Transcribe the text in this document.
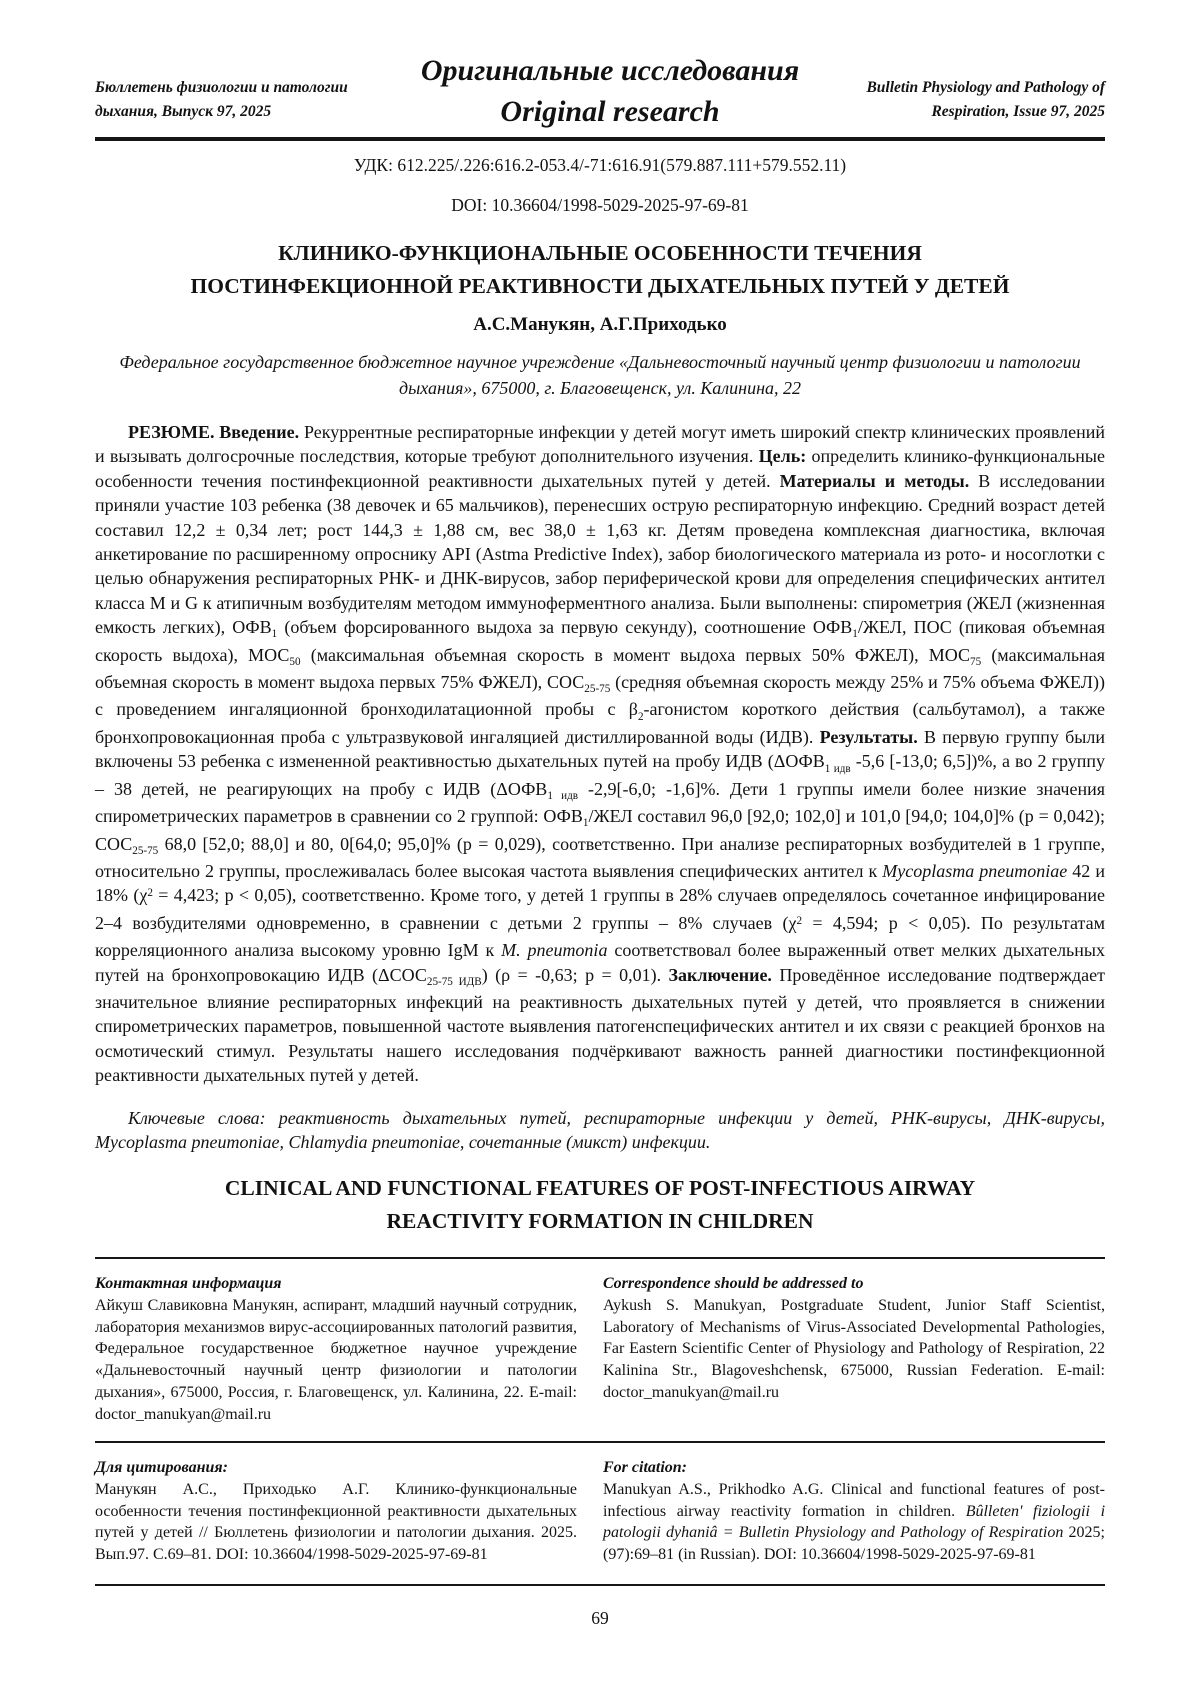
Бюллетень физиологии и патологии дыхания, Выпуск 97, 2025
Оригинальные исследования
Original research
Bulletin Physiology and Pathology of Respiration, Issue 97, 2025
УДК: 612.225/.226:616.2-053.4/-71:616.91(579.887.111+579.552.11)
DOI: 10.36604/1998-5029-2025-97-69-81
КЛИНИКО-ФУНКЦИОНАЛЬНЫЕ ОСОБЕННОСТИ ТЕЧЕНИЯ
ПОСТИНФЕКЦИОННОЙ РЕАКТИВНОСТИ ДЫХАТЕЛЬНЫХ ПУТЕЙ У ДЕТЕЙ
А.С.Манукян, А.Г.Приходько
Федеральное государственное бюджетное научное учреждение «Дальневосточный научный центр физиологии и патологии дыхания», 675000, г. Благовещенск, ул. Калинина, 22

РЕЗЮМЕ. Введение. Рекуррентные респираторные инфекции у детей могут иметь широкий спектр клинических проявлений и вызывать долгосрочные последствия, которые требуют дополнительного изучения. Цель: определить клинико-функциональные особенности течения постинфекционной реактивности дыхательных путей у детей. Материалы и методы. В исследовании приняли участие 103 ребенка (38 девочек и 65 мальчиков), перенесших острую респираторную инфекцию. Средний возраст детей составил 12,2 ± 0,34 лет; рост 144,3 ± 1,88 см, вес 38,0 ± 1,63 кг. Детям проведена комплексная диагностика, включая анкетирование по расширенному опроснику API (Astma Predictive Index), забор биологического материала из рото- и носоглотки с целью обнаружения респираторных РНК- и ДНК-вирусов, забор периферической крови для определения специфических антител класса M и G к атипичным возбудителям методом иммуноферментного анализа. Были выполнены: спирометрия (ЖЕЛ (жизненная емкость легких), $ОФВ_1$ (объем форсированного выдоха за первую секунду), соотношение $ОФВ_1$/ЖЕЛ, ПОС (пиковая объемная скорость выдоха), $МОС_{50}$ (максимальная объемная скорость в момент выдоха первых 50% ФЖЕЛ), $МОС_{75}$ (максимальная объемная скорость в момент выдоха первых 75% ФЖЕЛ), $СОС_{25-75}$ (средняя объемная скорость между 25% и 75% объема ФЖЕЛ)) с проведением ингаляционной бронходилатационной пробы с $\beta_2$-агонистом короткого действия (сальбутамол), а также бронхопровокационная проба с ультразвуковой ингаляцией дистиллированной воды (ИДВ). Результаты. В первую группу были включены 53 ребенка с измененной реактивностью дыхательных путей на пробу ИДВ ($\Delta ОФВ_{1 идв}$ -5,6 [-13,0; 6,5])%, а во 2 группу – 38 детей, не реагирующих на пробу с ИДВ ($\Delta ОФВ_{1 идв}$ -2,9[-6,0; -1,6]%. Дети 1 группы имели более низкие значения спирометрических параметров в сравнении со 2 группой: $ОФВ_1$/ЖЕЛ составил 96,0 [92,0; 102,0] и 101,0 [94,0; 104,0]% (р = 0,042); $СОС_{25-75}$ 68,0 [52,0; 88,0] и 80, 0[64,0; 95,0]% (р = 0,029), соответственно. При анализе респираторных возбудителей в 1 группе, относительно 2 группы, прослеживалась более высокая частота выявления специфических антител к Mycoplasma pneumoniae 42 и 18% ($\chi^2 = 4,423$; p < 0,05), соответственно. Кроме того, у детей 1 группы в 28% случаев определялось сочетанное инфицирование 2–4 возбудителями одновременно, в сравнении с детьми 2 группы – 8% случаев ($\chi^2 = 4,594$; p < 0,05). По результатам корреляционного анализа высокому уровню IgM к M. pneumonia соответствовал более выраженный ответ мелких дыхательных путей на бронхопровокацию ИДВ $(\Delta СОС_{25-75 ИДВ}) (\rho = -0,63$; p = 0,01). Заключение. Проведённое исследование подтверждает значительное влияние респираторных инфекций на реактивность дыхательных путей у детей, что проявляется в снижении спирометрических параметров, повышенной частоте выявления патогенспецифических антител и их связи с реакцией бронхов на осмотический стимул. Результаты нашего исследования подчёркивают важность ранней диагностики постинфекционной реактивности дыхательных путей у детей.

Ключевые слова: реактивность дыхательных путей, респираторные инфекции у детей, РНК-вирусы, ДНК-вирусы, Mycoplasma pneumoniae, Chlamydia pneumoniae, сочетанные (микст) инфекции.

CLINICAL AND FUNCTIONAL FEATURES OF POST-INFECTIOUS AIRWAY
REACTIVITY FORMATION IN CHILDREN
Контактная информация
Айкуш Славиковна Манукян, аспирант, младший научный сотрудник, лаборатория механизмов вирус-ассоциированных патологий развития, Федеральное государственное бюджетное научное учреждение «Дальневосточный научный центр физиологии и патологии дыхания», 675000, Россия, г. Благовещенск, ул. Калинина, 22. E-mail: doctor_manukyan@mail.ru
Correspondence should be addressed to
Aykush S. Manukyan, Postgraduate Student, Junior Staff Scientist, Laboratory of Mechanisms of Virus-Associated Developmental Pathologies, Far Eastern Scientific Center of Physiology and Pathology of Respiration, 22 Kalinina Str., Blagoveshchensk, 675000, Russian Federation. E-mail: doctor_manukyan@mail.ru
Для цитирования:
Манукян А.С., Приходько А.Г. Клинико-функциональные особенности течения постинфекционной реактивности дыхательных путей у детей // Бюллетень физиологии и патологии дыхания. 2025. Вып.97. С.69–81. DOI: 10.36604/1998-5029-2025-97-69-81
For citation:
Manukyan A.S., Prikhodko A.G. Clinical and functional features of post-infectious airway reactivity formation in children. Bûlleten' fiziologii i patologii dyhaniâ = Bulletin Physiology and Pathology of Respiration 2025; (97):69–81 (in Russian). DOI: 10.36604/1998-5029-2025-97-69-81
69
